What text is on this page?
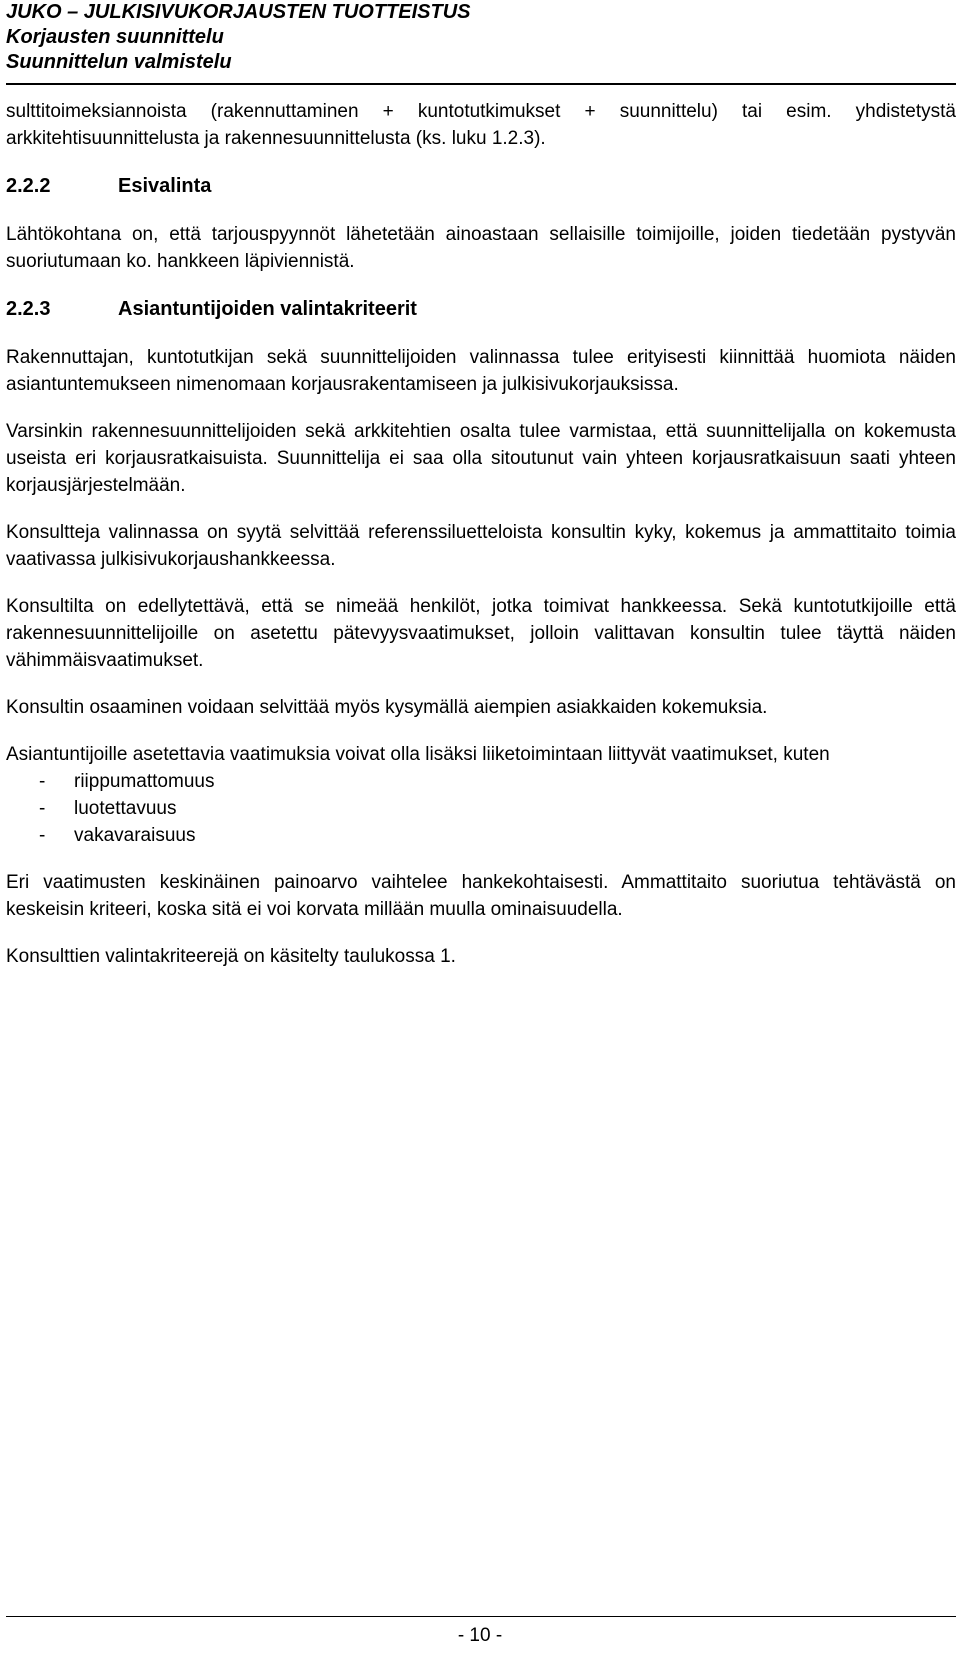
JUKO – JULKISIVUKORJAUSTEN TUOTTEISTUS
Korjausten suunnittelu
Suunnittelun valmistelu

sulttitoimeksiannoista (rakennuttaminen + kuntotutkimukset + suunnittelu) tai esim. yhdistetystä arkkitehtisuunnittelusta ja rakennesuunnittelusta (ks. luku 1.2.3).

2.2.2	Esivalinta

Lähtökohtana on, että tarjouspyynnöt lähetetään ainoastaan sellaisille toimijoille, joiden tiedetään pystyvän suoriutumaan ko. hankkeen läpiviennistä.

2.2.3	Asiantuntijoiden valintakriteerit

Rakennuttajan, kuntotutkijan sekä suunnittelijoiden valinnassa tulee erityisesti kiinnittää huomiota näiden asiantuntemukseen nimenomaan korjausrakentamiseen ja julkisivukorjauksissa.

Varsinkin rakennesuunnittelijoiden sekä arkkitehtien osalta tulee varmistaa, että suunnittelijalla on kokemusta useista eri korjausratkaisuista. Suunnittelija ei saa olla sitoutunut vain yhteen korjausratkaisuun saati yhteen korjausjärjestelmään.

Konsultteja valinnassa on syytä selvittää referenssiluetteloista konsultin kyky, kokemus ja ammattitaito toimia vaativassa julkisivukorjaushankkeessa.

Konsultilta on edellytettävä, että se nimeää henkilöt, jotka toimivat hankkeessa. Sekä kuntotutkijoille että rakennesuunnittelijoille on asetettu pätevyysvaatimukset, jolloin valittavan konsultin tulee täyttä näiden vähimmäisvaatimukset.

Konsultin osaaminen voidaan selvittää myös kysymällä aiempien asiakkaiden kokemuksia.

Asiantuntijoille asetettavia vaatimuksia voivat olla lisäksi liiketoimintaan liittyvät vaatimukset, kuten

-	riippumattomuus
-	luotettavuus
-	vakavaraisuus

Eri vaatimusten keskinäinen painoarvo vaihtelee hankekohtaisesti. Ammattitaito suoriutua tehtävästä on keskeisin kriteeri, koska sitä ei voi korvata millään muulla ominaisuudella.

Konsulttien valintakriteerejä on käsitelty taulukossa 1.

- 10 -
